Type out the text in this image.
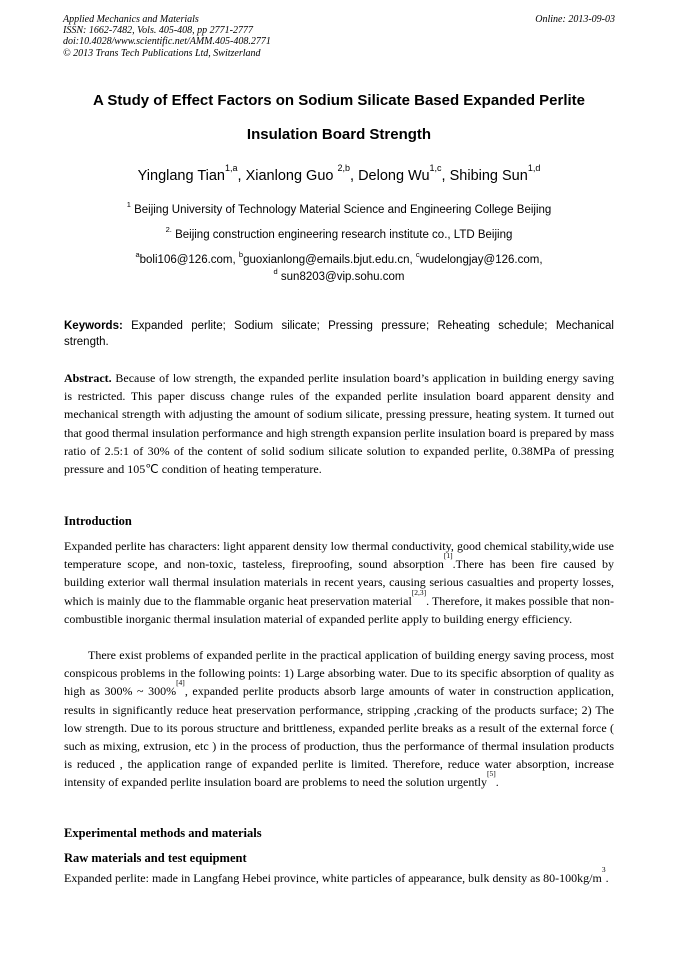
Applied Mechanics and Materials
ISSN: 1662-7482, Vols. 405-408, pp 2771-2777
doi:10.4028/www.scientific.net/AMM.405-408.2771
© 2013 Trans Tech Publications Ltd, Switzerland
Online: 2013-09-03
A Study of Effect Factors on Sodium Silicate Based Expanded Perlite
Insulation Board Strength
Yinglang Tian$^{1,a}$, Xianlong Guo $^{2,b}$, Delong Wu$^{1,c}$, Shibing Sun$^{1,d}$
$^1$ Beijing University of Technology Material Science and Engineering College Beijing
$^{2.}$ Beijing construction engineering research institute co., LTD Beijing
$^a$boli106@126.com, $^b$guoxianlong@emails.bjut.edu.cn, $^c$wudelongjay@126.com,
$^d$ sun8203@vip.sohu.com
Keywords: Expanded perlite; Sodium silicate; Pressing pressure; Reheating schedule; Mechanical strength.
Abstract. Because of low strength, the expanded perlite insulation board’s application in building energy saving is restricted. This paper discuss change rules of the expanded perlite insulation board apparent density and mechanical strength with adjusting the amount of sodium silicate, pressing pressure, heating system. It turned out that good thermal insulation performance and high strength expansion perlite insulation board is prepared by mass ratio of 2.5:1 of 30% of the content of solid sodium silicate solution to expanded perlite, 0.38MPa of pressing pressure and 105℃ condition of heating temperature.
Introduction
Expanded perlite has characters: light apparent density low thermal conductivity, good chemical stability,wide use temperature scope, and non-toxic, tasteless, fireproofing, sound absorption[1].There has been fire caused by building exterior wall thermal insulation materials in recent years, causing serious casualties and property losses, which is mainly due to the flammable organic heat preservation material[2,3]. Therefore, it makes possible that non-combustible inorganic thermal insulation material of expanded perlite apply to building energy efficiency.
There exist problems of expanded perlite in the practical application of building energy saving process, most conspicous problems in the following points: 1) Large absorbing water. Due to its specific absorption of quality as high as 300% ~ 300%[4], expanded perlite products absorb large amounts of water in construction application, results in significantly reduce heat preservation performance, stripping ,cracking of the products surface; 2) The low strength. Due to its porous structure and brittleness, expanded perlite breaks as a result of the external force ( such as mixing, extrusion, etc ) in the process of production, thus the performance of thermal insulation products is reduced , the application range of expanded perlite is limited. Therefore, reduce water absorption, increase intensity of expanded perlite insulation board are problems to need the solution urgently[5].
Experimental methods and materials
Raw materials and test equipment
Expanded perlite: made in Langfang Hebei province, white particles of appearance, bulk density as $80-100kg/m^3$.
